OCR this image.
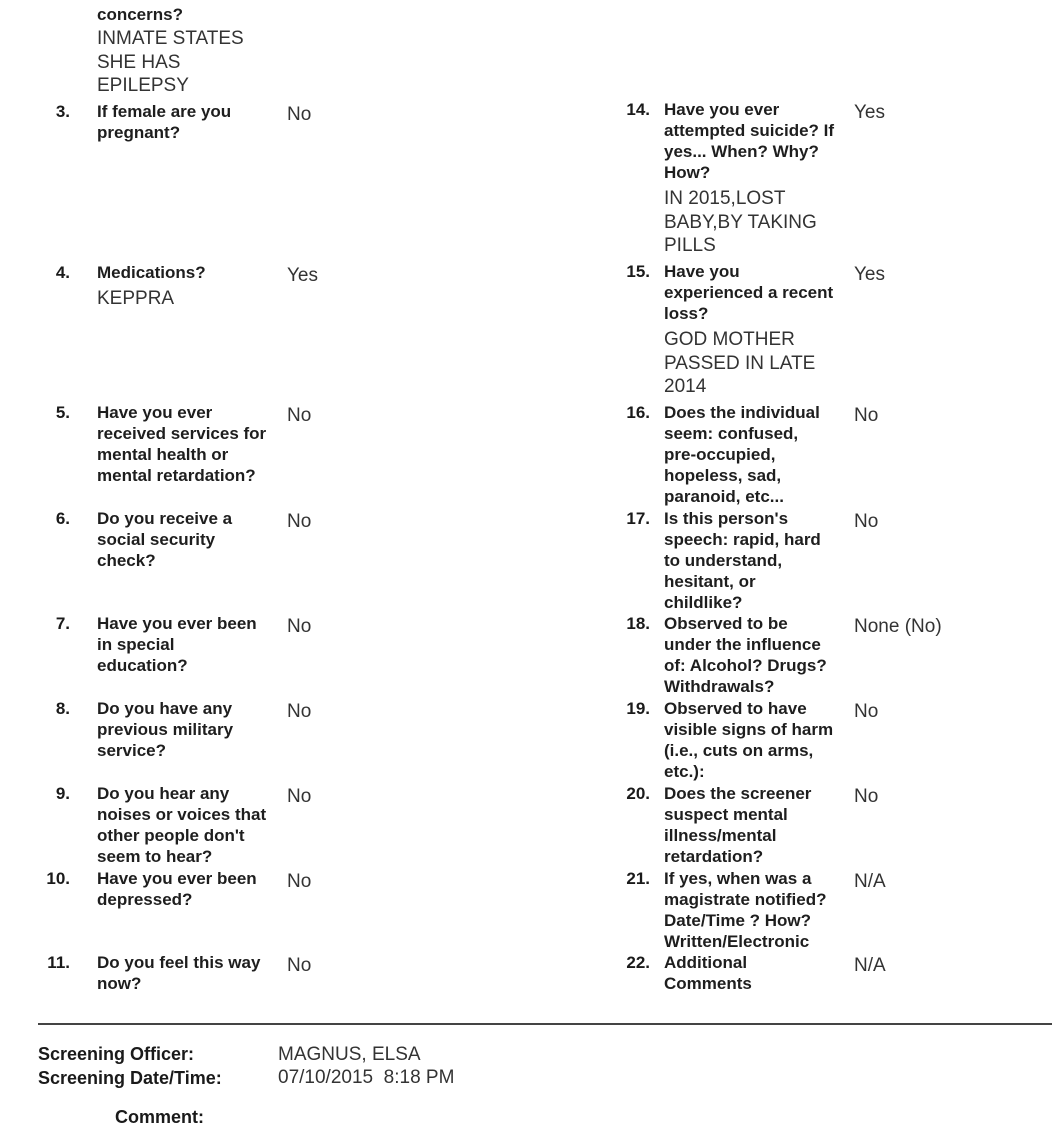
concerns?
INMATE STATES
SHE HAS
EPILEPSY
3. If female are you
pregnant?
No
4. Medications?	Yes
KEPPRA
5. Have you ever
received services for
mental health or
mental retardation?
No
6. Do you receive a
social security
check?
No
7. Have you ever been
in special
education?
No
8. Do you have any
previous military
service?
No
9. Do you hear any
noises or voices that
other people don't
seem to hear?
No
10. Have you ever been
depressed?
No
11. Do you feel this way
now?
No
14. Have you ever
attempted suicide? If
yes... When? Why?
How?
Yes
IN 2015,LOST
BABY,BY TAKING
PILLS
15. Have you
experienced a recent
loss?
Yes
GOD MOTHER
PASSED IN LATE
2014
16. Does the individual
seem: confused,
pre-occupied,
hopeless, sad,
paranoid, etc...
No
17. Is this person's
speech: rapid, hard
to understand,
hesitant, or
childlike?
No
18. Observed to be
under the influence
of: Alcohol? Drugs?
Withdrawals?
None (No)
19. Observed to have
visible signs of harm
(i.e., cuts on arms,
etc.):
No
20. Does the screener
suspect mental
illness/mental
retardation?
No
21. If yes, when was a
magistrate notified?
Date/Time ? How?
Written/Electronic
N/A
22. Additional
Comments
N/A
Screening Officer:	MAGNUS, ELSA
Screening Date/Time:	07/10/2015  8:18 PM
Comment:
